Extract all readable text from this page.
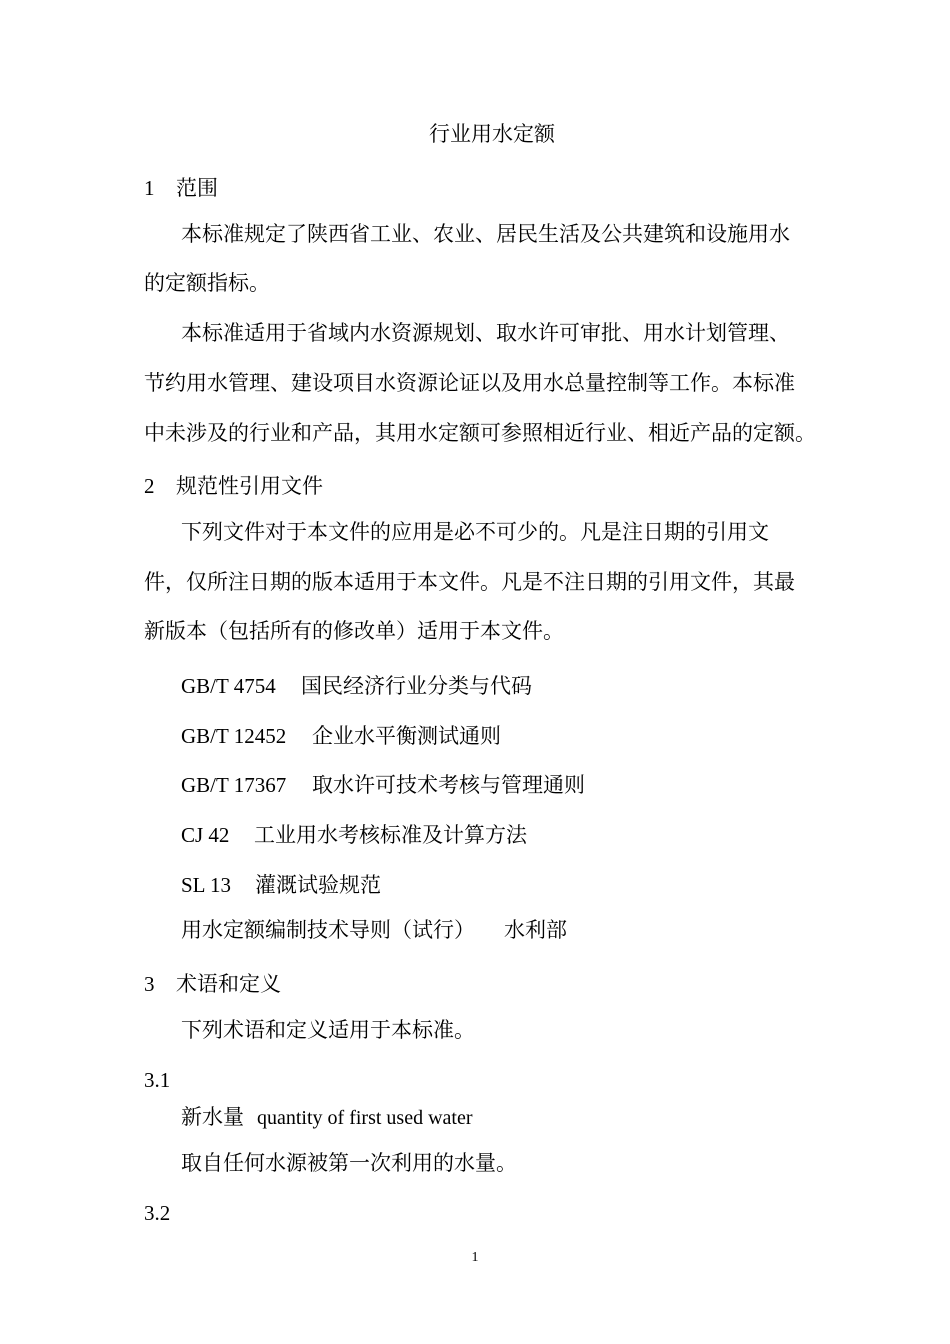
行业用水定额
1 范围
本标准规定了陕西省工业、农业、居民生活及公共建筑和设施用水
的定额指标。
本标准适用于省域内水资源规划、取水许可审批、用水计划管理、
节约用水管理、建设项目水资源论证以及用水总量控制等工作。本标准
中未涉及的行业和产品，其用水定额可参照相近行业、相近产品的定额。
2 规范性引用文件
下列文件对于本文件的应用是必不可少的。凡是注日期的引用文
件，仅所注日期的版本适用于本文件。凡是不注日期的引用文件，其最
新版本（包括所有的修改单）适用于本文件。
GB/T 4754 国民经济行业分类与代码
GB/T 12452 企业水平衡测试通则
GB/T 17367 取水许可技术考核与管理通则
CJ 42 工业用水考核标准及计算方法
SL 13 灌溉试验规范
用水定额编制技术导则（试行） 水利部
3 术语和定义
下列术语和定义适用于本标准。
3.1
新水量 quantity of first used water
取自任何水源被第一次利用的水量。
3.2
1
